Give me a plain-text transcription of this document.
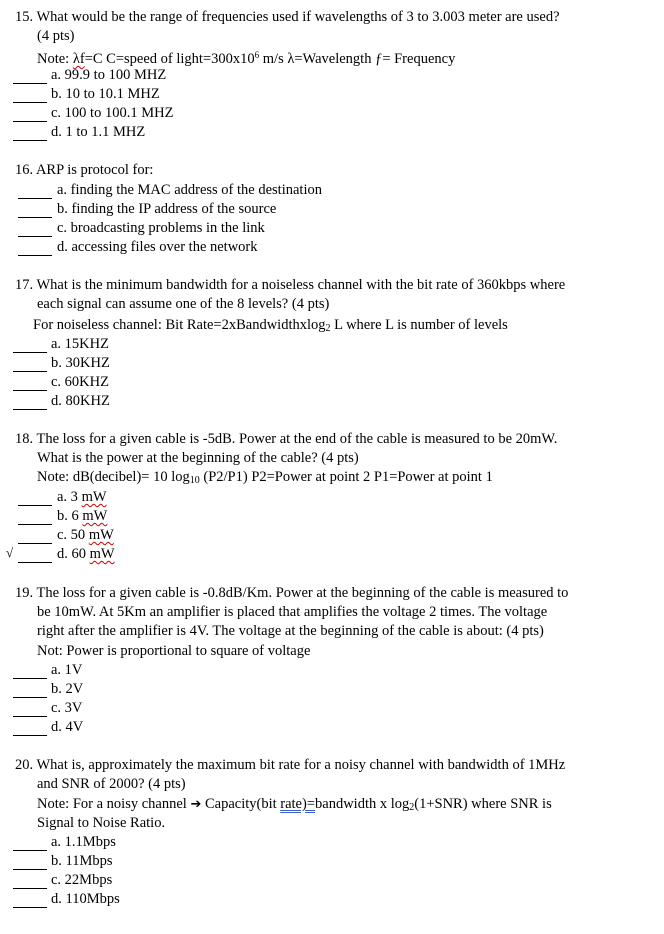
15. What would be the range of frequencies used if wavelengths of 3 to 3.003 meter are used?
(4 pts)
Note: λf=C C=speed of $light=300x10^6$ m/s λ=Wavelength ƒ= Frequency
a. 99.9 to 100 MHZ
b. 10 to 10.1 MHZ
c. 100 to 100.1 MHZ
d. 1 to 1.1 MHZ
16. ARP is protocol for:
a. finding the MAC address of the destination
b. finding the IP address of the source
c. broadcasting problems in the link
d. accessing files over the network
17. What is the minimum bandwidth for a noiseless channel with the bit rate of 360kbps where
each signal can assume one of the 8 levels? (4 pts)
For noiseless channel: Bit Rate=2xBandwidthxlog$_2$ L where L is number of levels
a. 15KHZ
b. 30KHZ
c. 60KHZ
d. 80KHZ
18. The loss for a given cable is -5dB. Power at the end of the cable is measured to be 20mW.
What is the power at the beginning of the cable? (4 pts)
Note: dB(decibel)= 10 $\log_{10} (P2/P1)$ P2=Power at point 2 P1=Power at point 1
a. 3 mW
b. 6 mW
c. 50 mW
√	d. 60 mW
19. The loss for a given cable is -0.8dB/Km. Power at the beginning of the cable is measured to
be 10mW. At 5Km an amplifier is placed that amplifies the voltage 2 times. The voltage
right after the amplifier is 4V. The voltage at the beginning of the cable is about: (4 pts)
Not: Power is proportional to square of voltage
a. 1V
b. 2V
c. 3V
d. 4V
20. What is, approximately the maximum bit rate for a noisy channel with bandwidth of 1MHz
and SNR of 2000? (4 pts)
Note: For a noisy channel ➔ Capacity(bit rate)=bandwidth x $\log_2(1+SNR)$ where SNR is
Signal to Noise Ratio.
a. 1.1Mbps
b. 11Mbps
c. 22Mbps
d. 110Mbps
